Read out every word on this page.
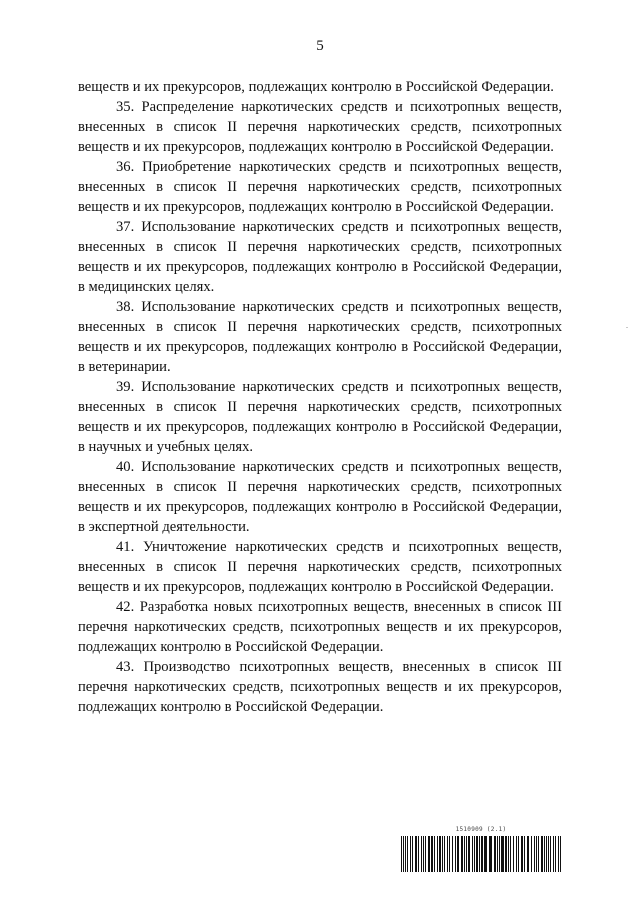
5

веществ и их прекурсоров, подлежащих контролю в Российской Федерации.

35. Распределение наркотических средств и психотропных веществ, внесенных в список II перечня наркотических средств, психотропных веществ и их прекурсоров, подлежащих контролю в Российской Федерации.

36. Приобретение наркотических средств и психотропных веществ, внесенных в список II перечня наркотических средств, психотропных веществ и их прекурсоров, подлежащих контролю в Российской Федерации.

37. Использование наркотических средств и психотропных веществ, внесенных в список II перечня наркотических средств, психотропных веществ и их прекурсоров, подлежащих контролю в Российской Федерации, в медицинских целях.

38. Использование наркотических средств и психотропных веществ, внесенных в список II перечня наркотических средств, психотропных веществ и их прекурсоров, подлежащих контролю в Российской Федерации, в ветеринарии.

39. Использование наркотических средств и психотропных веществ, внесенных в список II перечня наркотических средств, психотропных веществ и их прекурсоров, подлежащих контролю в Российской Федерации, в научных и учебных целях.

40. Использование наркотических средств и психотропных веществ, внесенных в список II перечня наркотических средств, психотропных веществ и их прекурсоров, подлежащих контролю в Российской Федерации, в экспертной деятельности.

41. Уничтожение наркотических средств и психотропных веществ, внесенных в список II перечня наркотических средств, психотропных веществ и их прекурсоров, подлежащих контролю в Российской Федерации.

42. Разработка новых психотропных веществ, внесенных в список III перечня наркотических средств, психотропных веществ и их прекурсоров, подлежащих контролю в Российской Федерации.

43. Производство психотропных веществ, внесенных в список III перечня наркотических средств, психотропных веществ и их прекурсоров, подлежащих контролю в Российской Федерации.

1510909 (2.1)
